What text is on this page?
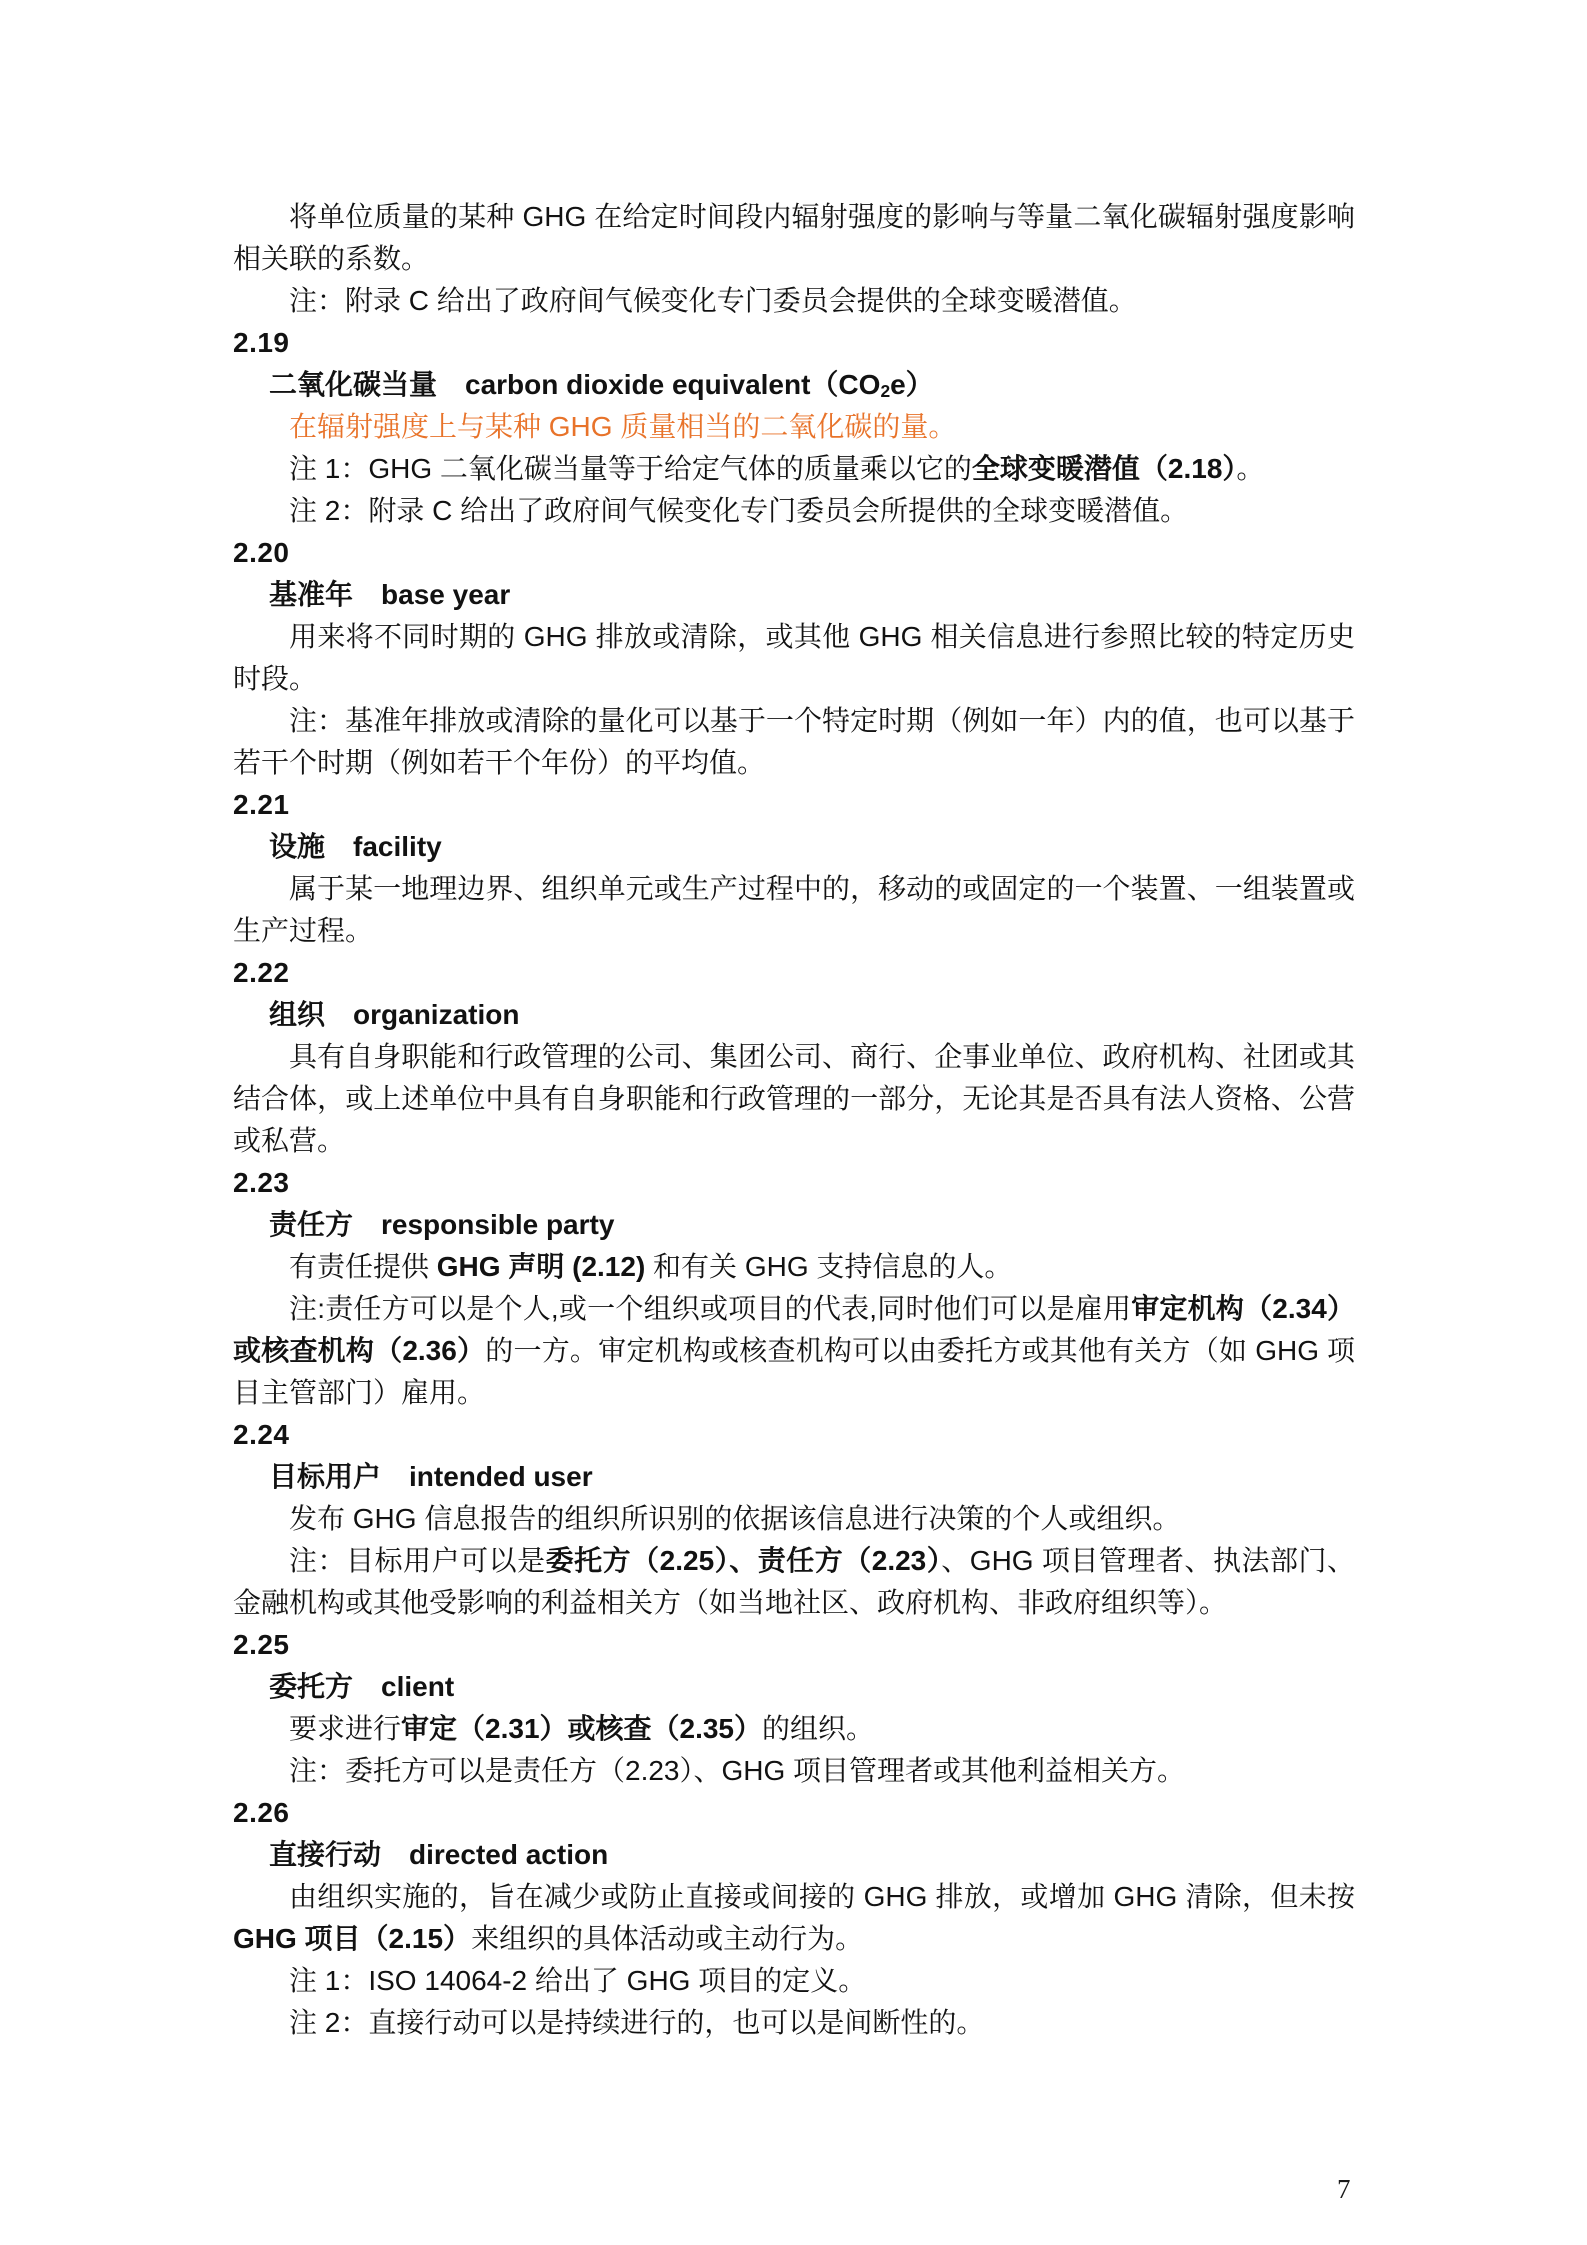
将单位质量的某种 GHG 在给定时间段内辐射强度的影响与等量二氧化碳辐射强度影响相关联的系数。
注：附录 C 给出了政府间气候变化专门委员会提供的全球变暖潜值。
2.19
二氧化碳当量　carbon dioxide $equivalent(CO_2e)$
在辐射强度上与某种 GHG 质量相当的二氧化碳的量。
注 1：GHG 二氧化碳当量等于给定气体的质量乘以它的全球变暖潜值（2.18）。
注 2：附录 C 给出了政府间气候变化专门委员会所提供的全球变暖潜值。
2.20
基准年　base year
用来将不同时期的 GHG 排放或清除，或其他 GHG 相关信息进行参照比较的特定历史时段。
注：基准年排放或清除的量化可以基于一个特定时期（例如一年）内的值，也可以基于若干个时期（例如若干个年份）的平均值。
2.21
设施　facility
属于某一地理边界、组织单元或生产过程中的，移动的或固定的一个装置、一组装置或生产过程。
2.22
组织　organization
具有自身职能和行政管理的公司、集团公司、商行、企事业单位、政府机构、社团或其结合体，或上述单位中具有自身职能和行政管理的一部分，无论其是否具有法人资格、公营或私营。
2.23
责任方　responsible party
有责任提供 GHG 声明 (2.12) 和有关 GHG 支持信息的人。
注:责任方可以是个人,或一个组织或项目的代表,同时他们可以是雇用审定机构（2.34）或核查机构（2.36）的一方。审定机构或核查机构可以由委托方或其他有关方（如 GHG 项目主管部门）雇用。
2.24
目标用户　intended user
发布 GHG 信息报告的组织所识别的依据该信息进行决策的个人或组织。
注：目标用户可以是委托方（2.25）、责任方（2.23）、GHG 项目管理者、执法部门、金融机构或其他受影响的利益相关方（如当地社区、政府机构、非政府组织等）。
2.25
委托方　client
要求进行审定（2.31）或核查（2.35）的组织。
注：委托方可以是责任方（2.23）、GHG 项目管理者或其他利益相关方。
2.26
直接行动　directed action
由组织实施的，旨在减少或防止直接或间接的 GHG 排放，或增加 GHG 清除，但未按GHG 项目（2.15）来组织的具体活动或主动行为。
注 1：ISO 14064-2 给出了 GHG 项目的定义。
注 2：直接行动可以是持续进行的，也可以是间断性的。
7
